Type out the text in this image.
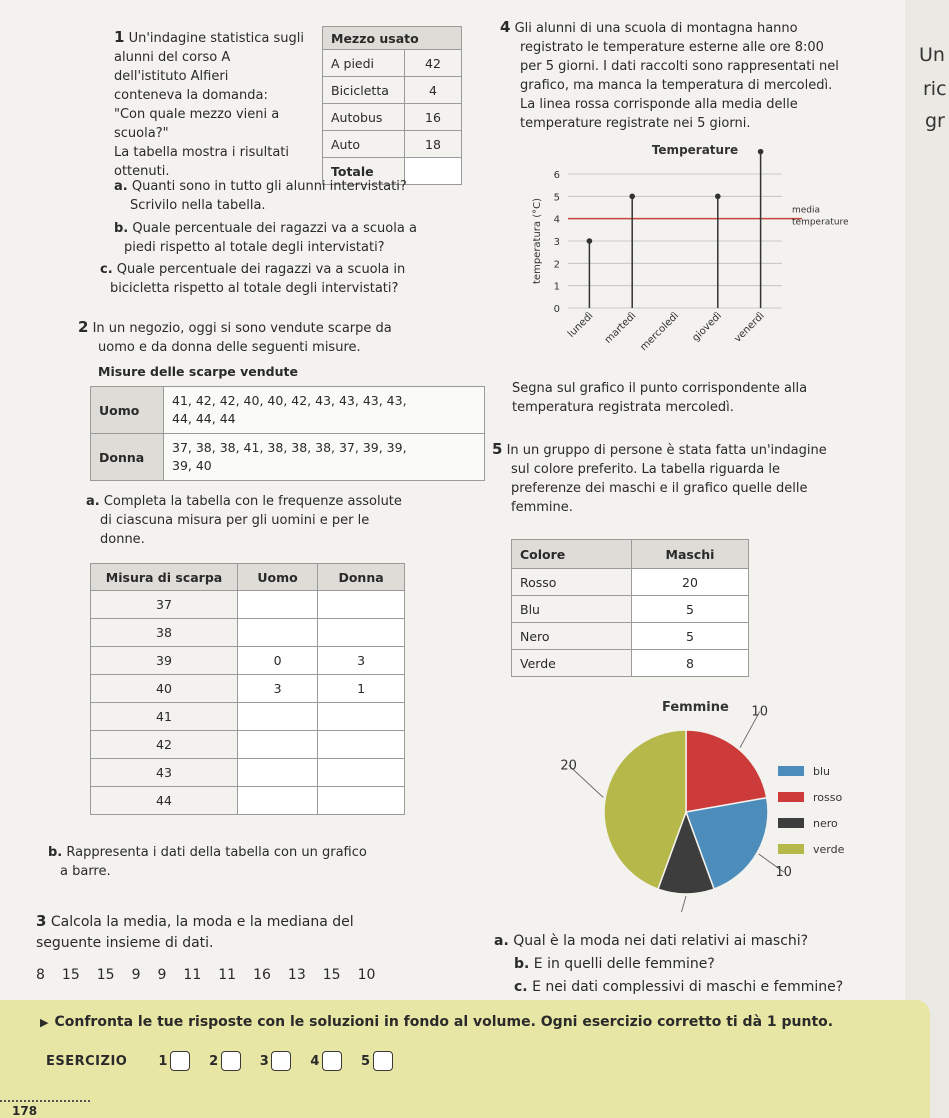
Un
ric
gr
1 Un'indagine statistica sugli
alunni del corso A
dell'istituto Alfieri
conteneva la domanda:
"Con quale mezzo vieni a
scuola?"
La tabella mostra i risultati
ottenuti.
Mezzo usato	
A piedi	42
Bicicletta	4
Autobus	16
Auto	18
Totale	
a. Quanti sono in tutto gli alunni intervistati?
Scrivilo nella tabella.
b. Quale percentuale dei ragazzi va a scuola a
piedi rispetto al totale degli intervistati?
c. Quale percentuale dei ragazzi va a scuola in
bicicletta rispetto al totale degli intervistati?
2 In un negozio, oggi si sono vendute scarpe da
uomo e da donna delle seguenti misure.
Misure delle scarpe vendute
Uomo	41, 42, 42, 40, 40, 42, 43, 43, 43, 43,
44, 44, 44
Donna	37, 38, 38, 41, 38, 38, 38, 37, 39, 39,
39, 40
a. Completa la tabella con le frequenze assolute
di ciascuna misura per gli uomini e per le
donne.
Misura di scarpa	Uomo	Donna
37		
38		
39	0	3
40	3	1
41		
42		
43		
44		
b. Rappresenta i dati della tabella con un grafico
a barre.
3 Calcola la media, la moda e la mediana del
seguente insieme di dati.
8 15 15 9 9 11 11 16 13 15 10
4 Gli alunni di una scuola di montagna hanno
registrato le temperature esterne alle ore 8:00
per 5 giorni. I dati raccolti sono rappresentati nel
grafico, ma manca la temperatura di mercoledì.
La linea rossa corrisponde alla media delle
temperature registrate nei 5 giorni.
Temperature
0
1
2
3
4
5
6
temperatura (°C)	media
temperature
lunedì martedì mercoledì giovedì venerdì
Segna sul grafico il punto corrispondente alla
temperatura registrata mercoledì.
5 In un gruppo di persone è stata fatta un'indagine
sul colore preferito. La tabella riguarda le
preferenze dei maschi e il grafico quelle delle
femmine.
Colore	Maschi
Rosso	20
Blu	5
Nero	5
Verde	8
Femmine 10
10
20	blu
rosso
nero
verde
a. Qual è la moda nei dati relativi ai maschi?
b. E in quelli delle femmine?
c. E nei dati complessivi di maschi e femmine?
▶ Confronta le tue risposte con le soluzioni in fondo al volume. Ogni esercizio corretto ti dà 1 punto.
ESERCIZIO 1	2	3	4	5
178
